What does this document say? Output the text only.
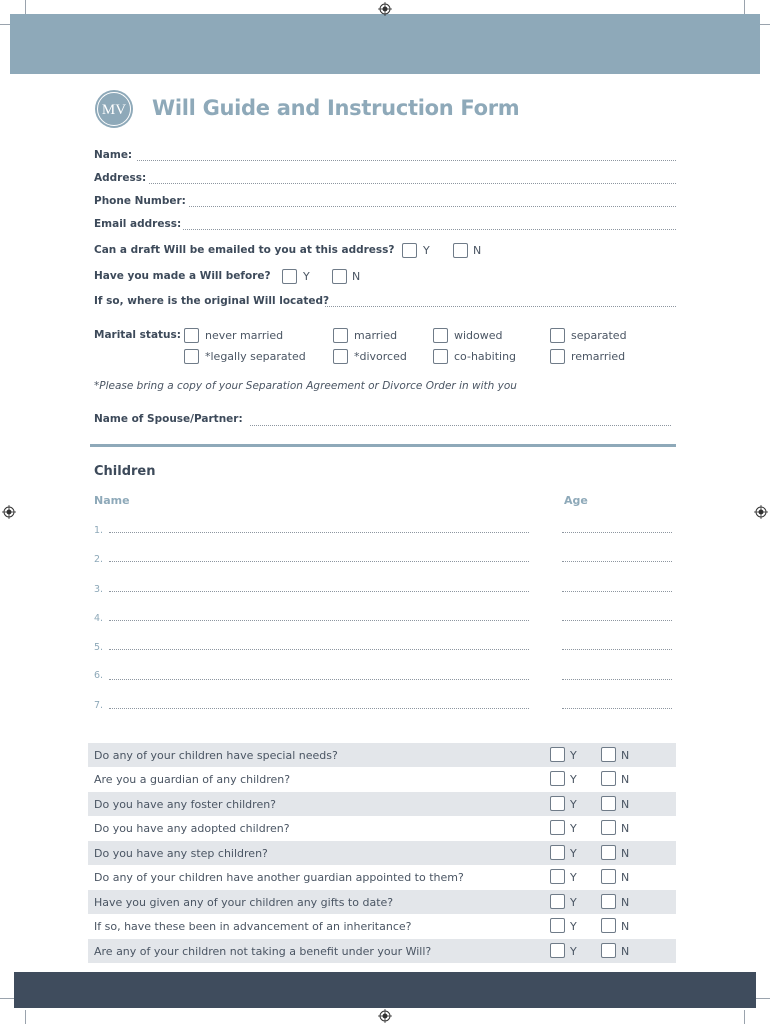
MV Will Guide and Instruction Form
Name:
Address:
Phone Number:
Email address:
Can a draft Will be emailed to you at this address?	Y	N
Have you made a Will before?	Y	N
If so, where is the original Will located?
Marital status: never married	married	widowed	separated
*legally separated	*divorced	co-habiting	remarried
*Please bring a copy of your Separation Agreement or Divorce Order in with you
Name of Spouse/Partner:
Children
Name	Age
1.
2.
3.
4.
5.
6.
7.
Do any of your children have special needs?	Y	N
Are you a guardian of any children?	Y	N
Do you have any foster children?	Y	N
Do you have any adopted children?	Y	N
Do you have any step children?	Y	N
Do any of your children have another guardian appointed to them?	Y	N
Have you given any of your children any gifts to date?	Y	N
If so, have these been in advancement of an inheritance?	Y	N
Are any of your children not taking a benefit under your Will?	Y	N
